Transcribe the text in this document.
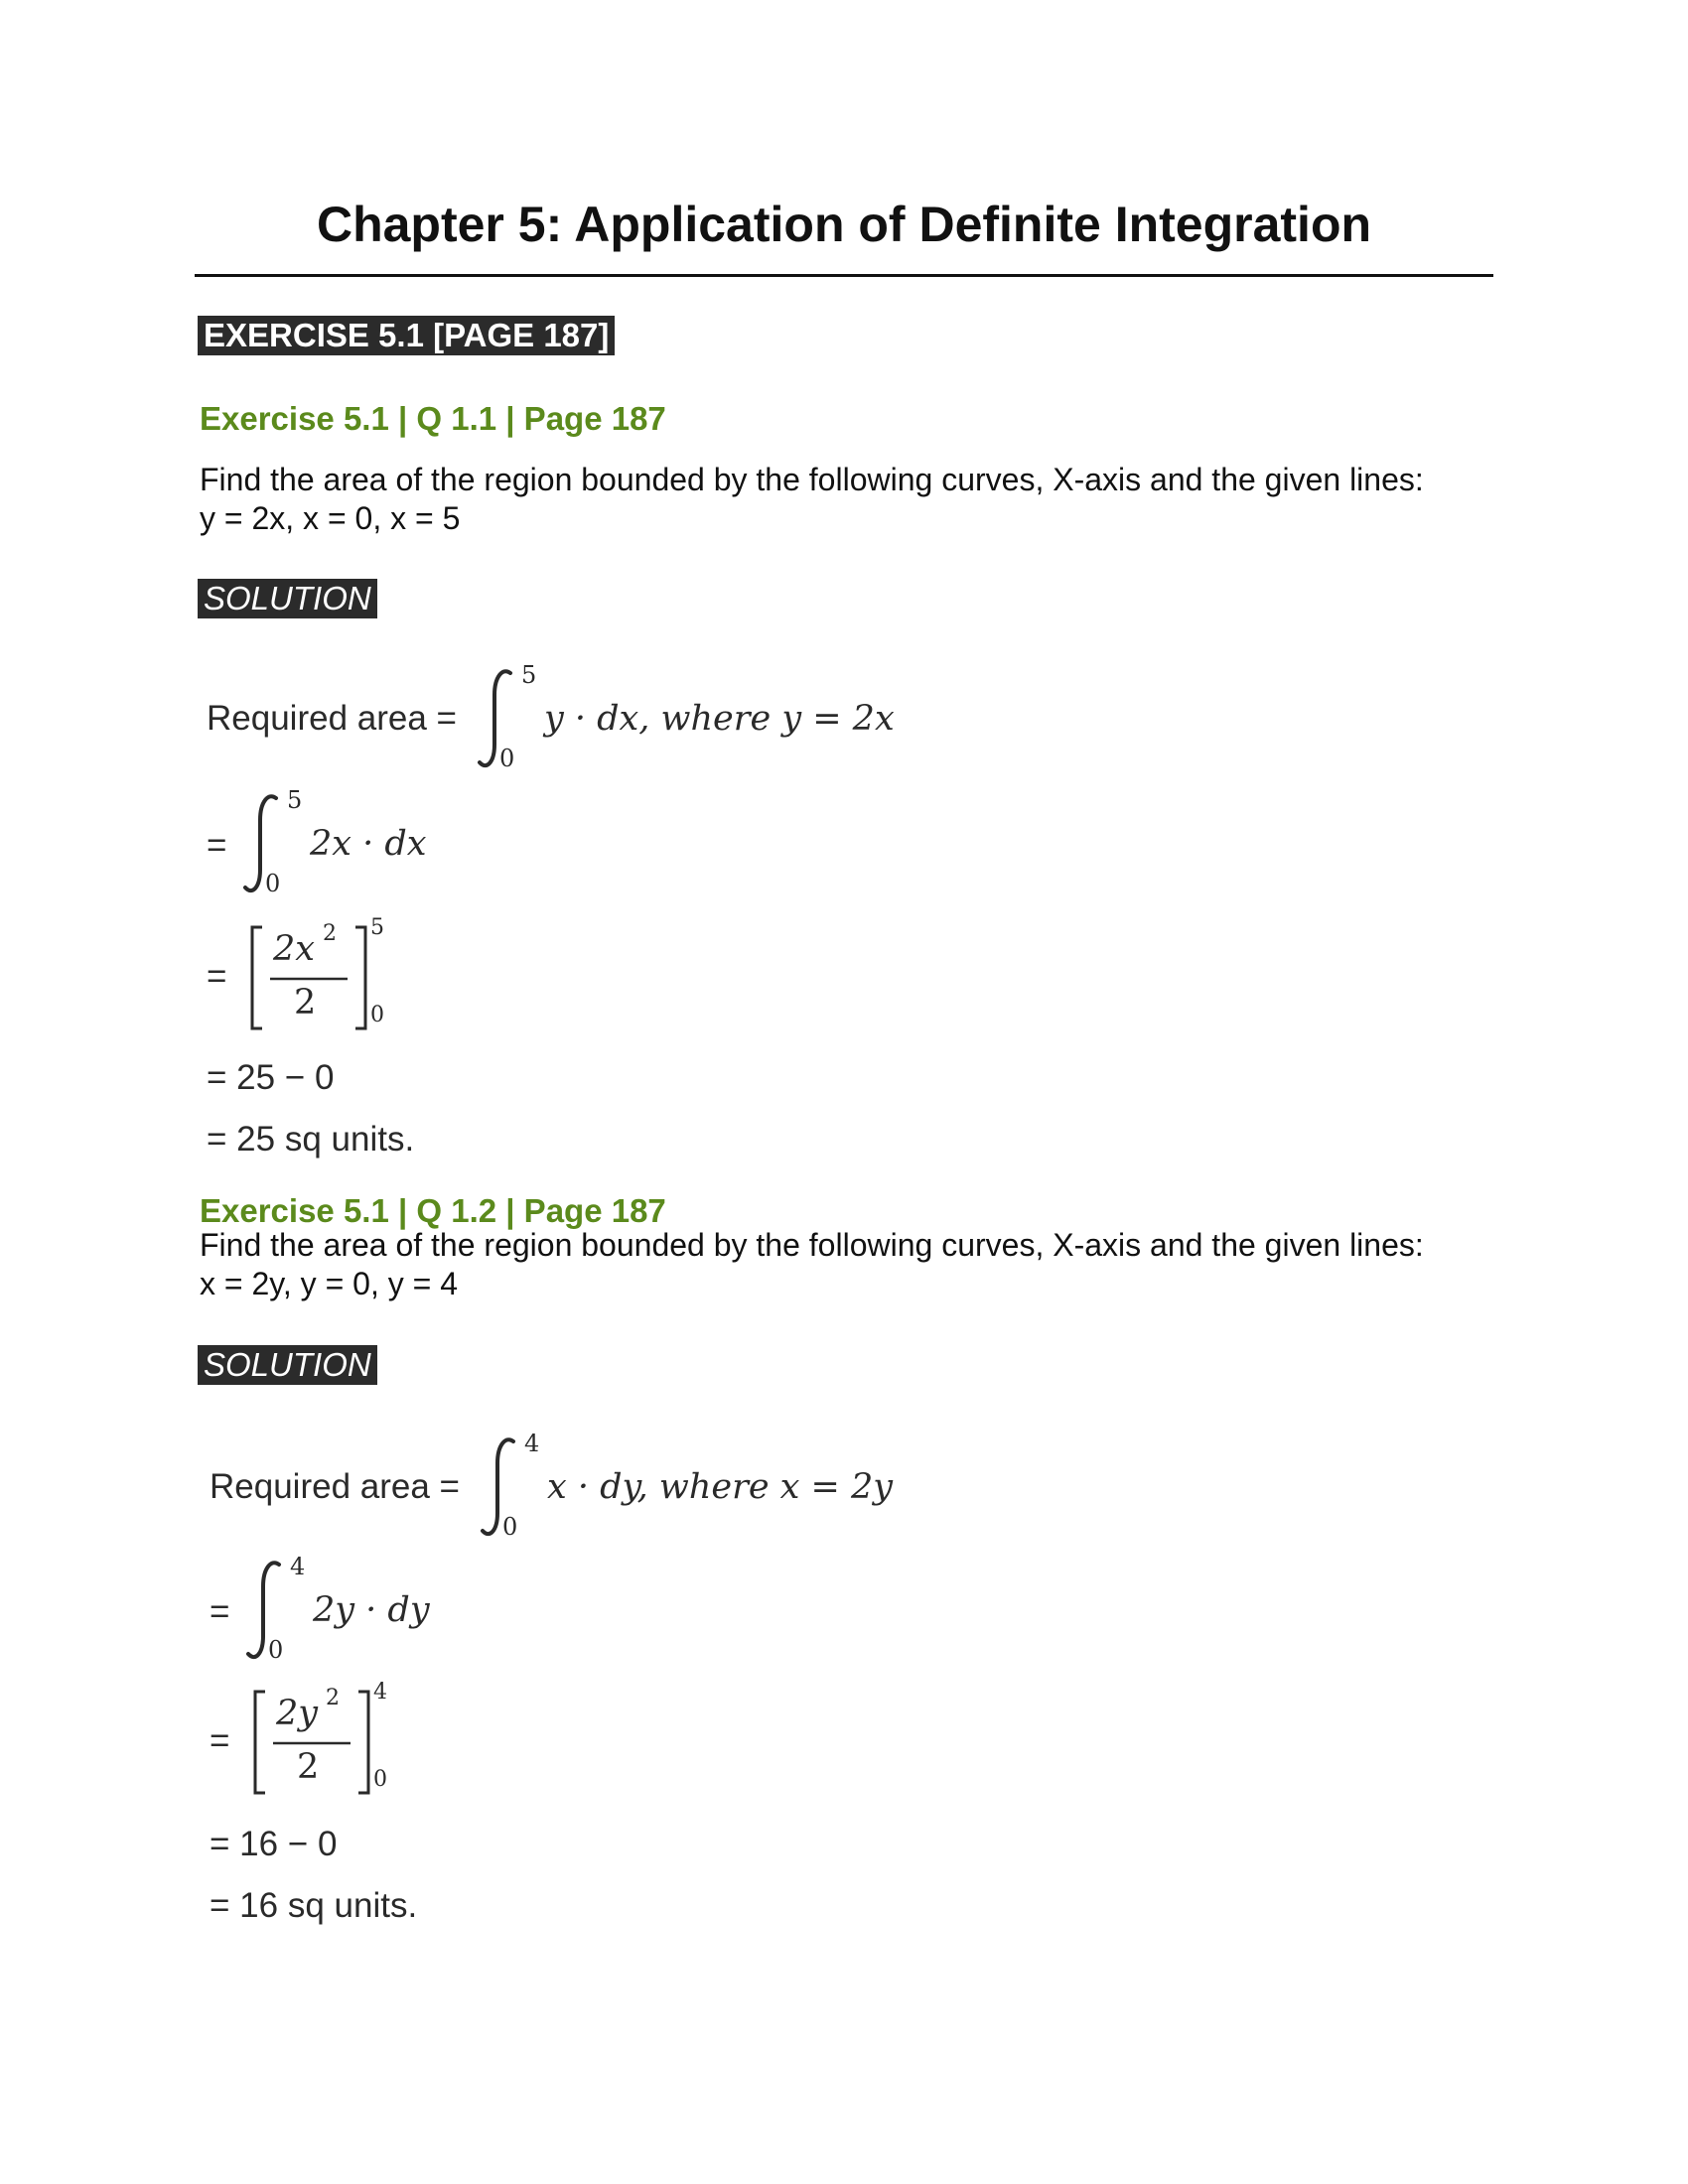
Chapter 5: Application of Definite Integration
EXERCISE 5.1 [PAGE 187]
Exercise 5.1 | Q 1.1 | Page 187
Find the area of the region bounded by the following curves, X-axis and the given lines:
y = 2x, x = 0, x = 5
SOLUTION
Required area =
5
0
y · dx, where y = 2x
=
5
0
2x · dx
=
2x 2
2
5
0
= 25 − 0
= 25 sq units.
Exercise 5.1 | Q 1.2 | Page 187
Find the area of the region bounded by the following curves, X-axis and the given lines:
x = 2y, y = 0, y = 4
SOLUTION
Required area =
4
0
x · dy, where x = 2y
=
4
0
2y · dy
=
2y 2
2
4
0
= 16 − 0
= 16 sq units.
